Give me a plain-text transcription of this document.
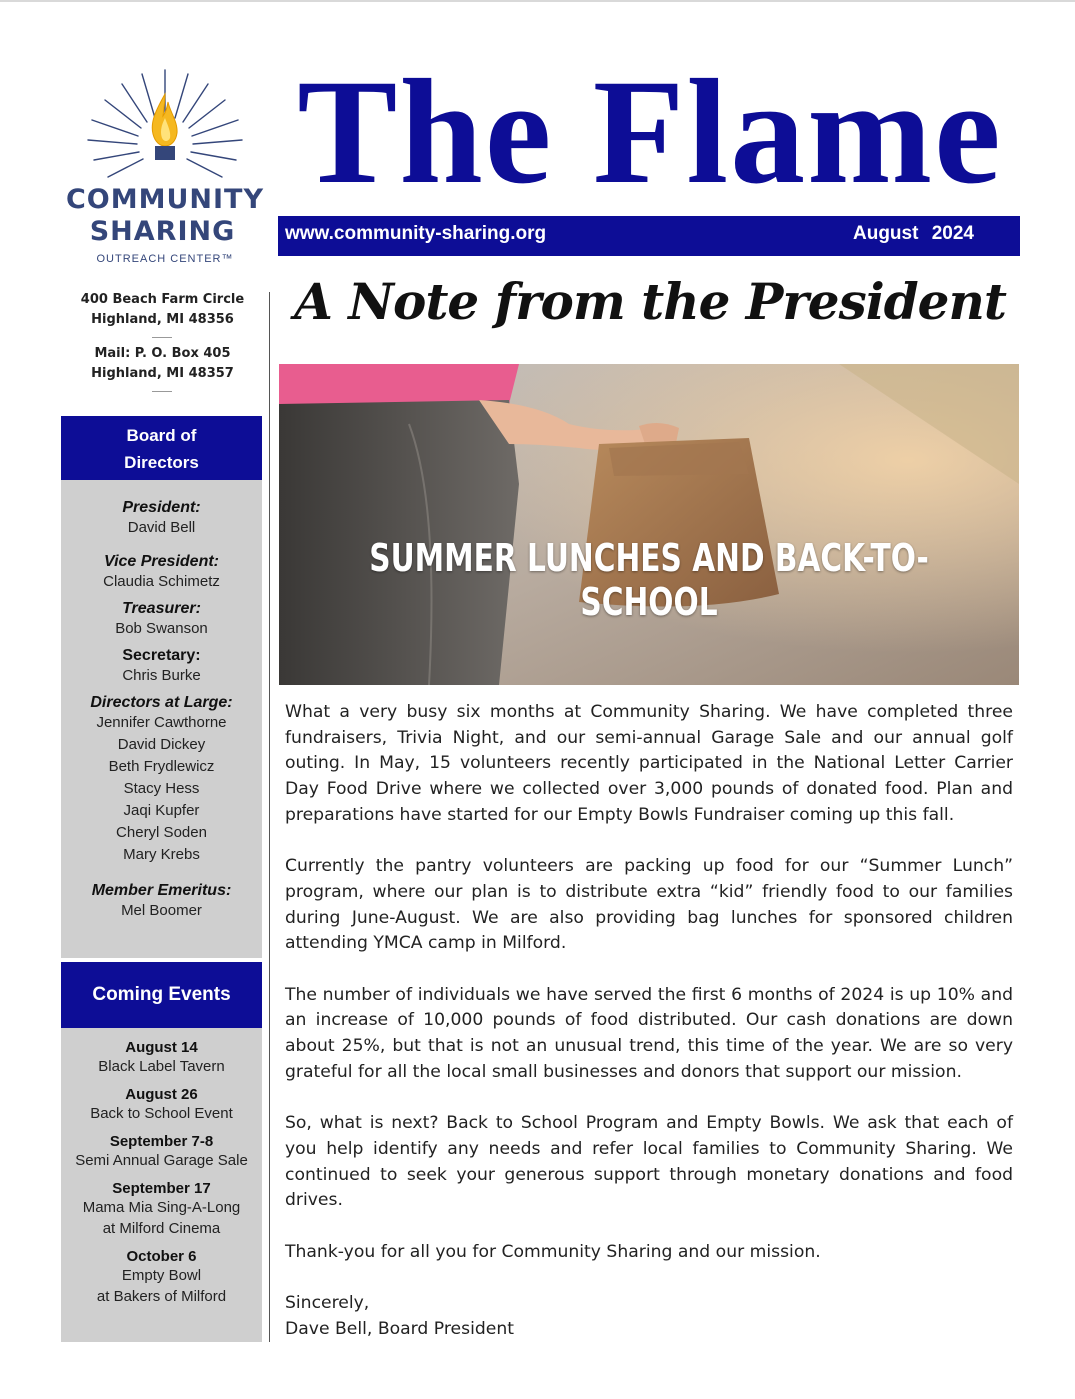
COMMUNITY
SHARING
OUTREACH CENTER™
400 Beach Farm Circle
Highland, MI 48356
Mail: P. O. Box 405
Highland, MI 48357
Board of
Directors
President:
David Bell
Vice President:
Claudia Schimetz
Treasurer:
Bob Swanson
Secretary:
Chris Burke
Directors at Large:
Jennifer Cawthorne
David Dickey
Beth Frydlewicz
Stacy Hess
Jaqi Kupfer
Cheryl Soden
Mary Krebs
Member Emeritus:
Mel Boomer
Coming Events
August 14
Black Label Tavern
August 26
Back to School Event
September 7-8
Semi Annual Garage Sale
September 17
Mama Mia Sing-A-Long
at Milford Cinema
October 6
Empty Bowl
at Bakers of Milford
The Flame
www.community-sharing.org	August 2024
A Note from the President
SUMMER LUNCHES AND BACK-TO-SCHOOL

What a very busy six months at Community Sharing. We have completed three fundraisers, Trivia Night, and our semi-annual Garage Sale and our annual golf outing. In May, 15 volunteers recently participated in the National Letter Carrier Day Food Drive where we collected over 3,000 pounds of donated food. Plan and preparations have started for our Empty Bowls Fundraiser coming up this fall.

Currently the pantry volunteers are packing up food for our “Summer Lunch” program, where our plan is to distribute extra “kid” friendly food to our families during June-August. We are also providing bag lunches for sponsored children attending YMCA camp in Milford.

The number of individuals we have served the first 6 months of 2024 is up 10% and an increase of 10,000 pounds of food distributed. Our cash donations are down about 25%, but that is not an unusual trend, this time of the year. We are so very grateful for all the local small businesses and donors that support our mission.

So, what is next? Back to School Program and Empty Bowls. We ask that each of you help identify any needs and refer local families to Community Sharing. We continued to seek your generous support through monetary donations and food drives.

Thank-you for all you for Community Sharing and our mission.

Sincerely,

Dave Bell, Board President
